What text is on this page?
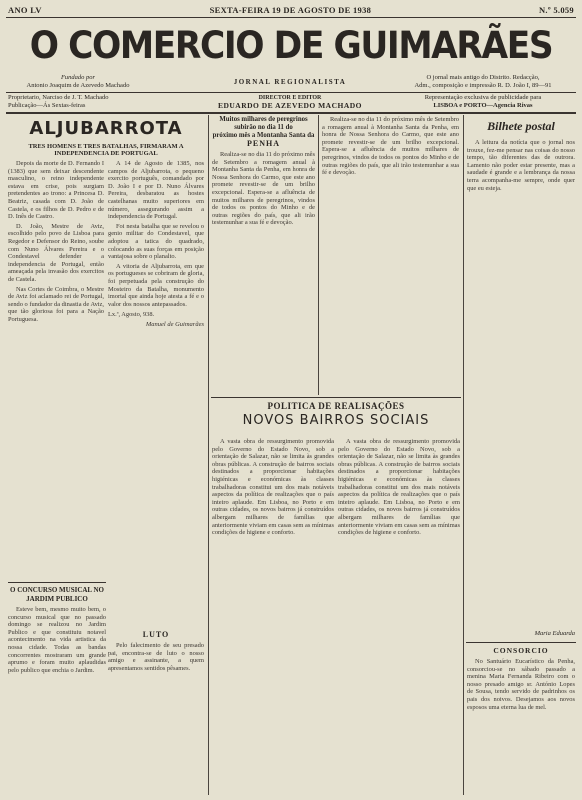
ANO LV	SEXTA-FEIRA 19 DE AGOSTO DE 1938	N.º 5.059
O COMERCIO DE GUIMARÃES
Fundado por
Antonio Joaquim de Azevedo Machado	JORNAL REGIONALISTA
O jornal mais antigo do Distrito. Redacção,
Adm., composição e impressão R. D. João I, 89—91
Proprietario, Narciso de J. T. Machado
Publicação—Ás Sextas-feiras
DIRECTOR E EDITOR
EDUARDO DE AZEVEDO MACHADO
Representação exclusiva de publicidade para
LISBOA e PORTO—Agencia Rivas
ALJUBARROTA
TRES HOMENS E TRES BATALHAS, FIRMARAM A
INDEPENDENCIA DE PORTUGAL

Depois da morte de D. Fernando I (1383) que sem deixar descendente masculino, o reino independente estava em crise, pois surgiam pretendentes ao trono: a Princesa D. Beatriz, casada com D. João de Castela, e os filhos de D. Pedro e de D. Inês de Castro.

D. João, Mestre de Aviz, escolhido pelo povo de Lisboa para Regedor e Defensor do Reino, soube com Nuno Álvares Pereira e o Condestavel defender a independencia de Portugal, então ameaçada pela invasão dos exercitos de Castela.

Nas Cortes de Coimbra, o Mestre de Aviz foi aclamado rei de Portugal, sendo o fundador da dinastia de Aviz, que tão gloriosa foi para a Nação Portuguesa.

A 14 de Agosto de 1385, nos campos de Aljubarrota, o pequeno exercito português, comandado por D. João I e por D. Nuno Álvares Pereira, desbaratou as hostes castelhanas muito superiores em número, assegurando assim a independencia de Portugal.

Foi nesta batalha que se revelou o genio militar do Condestavel, que adoptou a tatica do quadrado, colocando as suas forças em posição vantajosa sobre o planalto.

A vitoria de Aljubarrota, em que os portugueses se cobriram de gloria, foi perpetuada pela construção do Mosteiro da Batalha, monumento imortal que ainda hoje atesta a fé e o valor dos nossos antepassados.

Lx.ª, Agosto, 938.
Manuel de Guimarães
O CONCURSO MUSICAL NO
JARDIM PUBLICO

Esteve bem, mesmo muito bem, o concurso musical que no passado domingo se realizou no Jardim Publico e que constituiu notavel acontecimento na vida artistica da nossa cidade. Todas as bandas concorrentes mostraram um grande aprumo e foram muito aplaudidas pelo publico que enchia o Jardim.

LUTO

Pelo falecimento de seu presado pai, encontra-se de luto o nosso amigo e assinante, a quem apresentamos sentidos pêsames.

Muitos milhares de peregrinos subirão no dia 11 do
próximo mês a Montanha Santa da
PENHA

Realiza-se no dia 11 do próximo mês de Setembro a romagem anual à Montanha Santa da Penha, em honra de Nossa Senhora do Carmo, que este ano promete revestir-se de um brilho excepcional. Espera-se a afluência de muitos milhares de peregrinos, vindos de todos os pontos do Minho e de outras regiões do país, que ali irão testemunhar a sua fé e devoção.

Realiza-se no dia 11 do próximo mês de Setembro a romagem anual à Montanha Santa da Penha, em honra de Nossa Senhora do Carmo, que este ano promete revestir-se de um brilho excepcional. Espera-se a afluência de muitos milhares de peregrinos, vindos de todos os pontos do Minho e de outras regiões do país, que ali irão testemunhar a sua fé e devoção.

POLITICA DE REALISAÇÕES
NOVOS BAIRROS SOCIAIS

A vasta obra de ressurgimento promovida pelo Governo do Estado Novo, sob a orientação de Salazar, não se limita às grandes obras públicas. A construção de bairros sociais destinados a proporcionar habitações higiénicas e económicas às classes trabalhadoras constitui um dos mais notáveis aspectos da política de realizações que o país inteiro aplaude. Em Lisboa, no Porto e em outras cidades, os novos bairros já construídos albergam milhares de famílias que anteriormente viviam em casas sem as mínimas condições de higiene e conforto.

A vasta obra de ressurgimento promovida pelo Governo do Estado Novo, sob a orientação de Salazar, não se limita às grandes obras públicas. A construção de bairros sociais destinados a proporcionar habitações higiénicas e económicas às classes trabalhadoras constitui um dos mais notáveis aspectos da política de realizações que o país inteiro aplaude. Em Lisboa, no Porto e em outras cidades, os novos bairros já construídos albergam milhares de famílias que anteriormente viviam em casas sem as mínimas condições de higiene e conforto.

Bilhete postal

A leitura da notícia que o jornal nos trouxe, fez-me pensar nas coisas do nosso tempo, tão diferentes das de outrora. Lamento não poder estar presente, mas a saudade é grande e a lembrança da nossa terra acompanha-me sempre, onde quer que eu esteja.

Maria Eduarda
CONSORCIO

No Santuário Eucarístico da Penha, consorciou-se no sábado passado a menina Maria Fernanda Ribeiro com o nosso presado amigo sr. António Lopes de Sousa, tendo servido de padrinhos os pais dos noivos. Desejamos aos novos esposos uma eterna lua de mel.
